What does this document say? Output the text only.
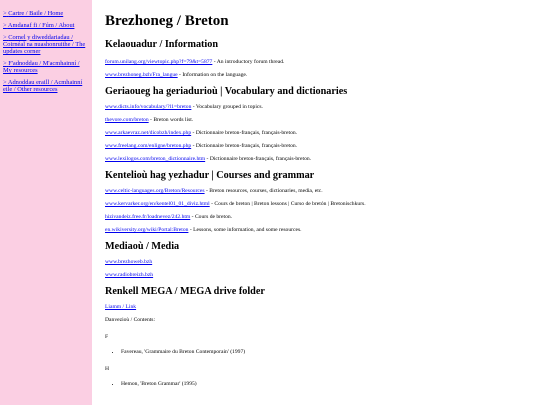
> Cartre / Baile / Home
> Amdanaf fi / Fúm / About
> Cornel y diweddariadau / Coirnéal na nuashonruithe / The updates corner
> F'adnoddau / M'acmhainní / My resources
> Adnoddau eraill / Acmhainní eile / Other resources
Brezhoneg / Breton
Kelaouadur / Information

forum.unilang.org/viewtopic.php?f=79&t=5877 - An introductory forum thread.

www.brezhoneg.bzh/Fra_langue - Information on the language.

Geriaoueg ha geriadurioù | Vocabulary and dictionaries

www.dicts.info/vocabulary/?l1=breton - Vocabulary grouped in topics.

thevore.com/breton - Breton words list.

www.arkaevraz.net/dicobzh/index.php - Dictionnaire breton-français, français-breton.

www.freelang.com/enligne/breton.php - Dictionnaire breton-français, français-breton.

www.lexilogos.com/breton_dictionnaire.htm - Dictionnaire breton-français, français-breton.

Kentelioù hag yezhadur | Courses and grammar

www.celtic-languages.org/Breton/Resources - Breton resources, courses, dictionaries, media, etc.

www.kervarker.org/en/kentel01_01_diviz.html - Cours de breton | Breton lessons | Curso de bretón | Bretonischkurs.

hizivandeiz.free.fr/loadnevez/242.htm - Cours de breton.

en.wikiversity.org/wiki/Portal:Breton - Lessons, some information, and some resources.

Mediaoù / Media

www.brezhoweb.bzh

www.radiobreizh.bzh

Renkell MEGA / MEGA drive folder

Liamm / Link

Danvezioù / Contents:

F

• Favereau, 'Grammaire du Breton Contemporain' (1997)

H

• Hemon, 'Breton Grammar' (1995)
